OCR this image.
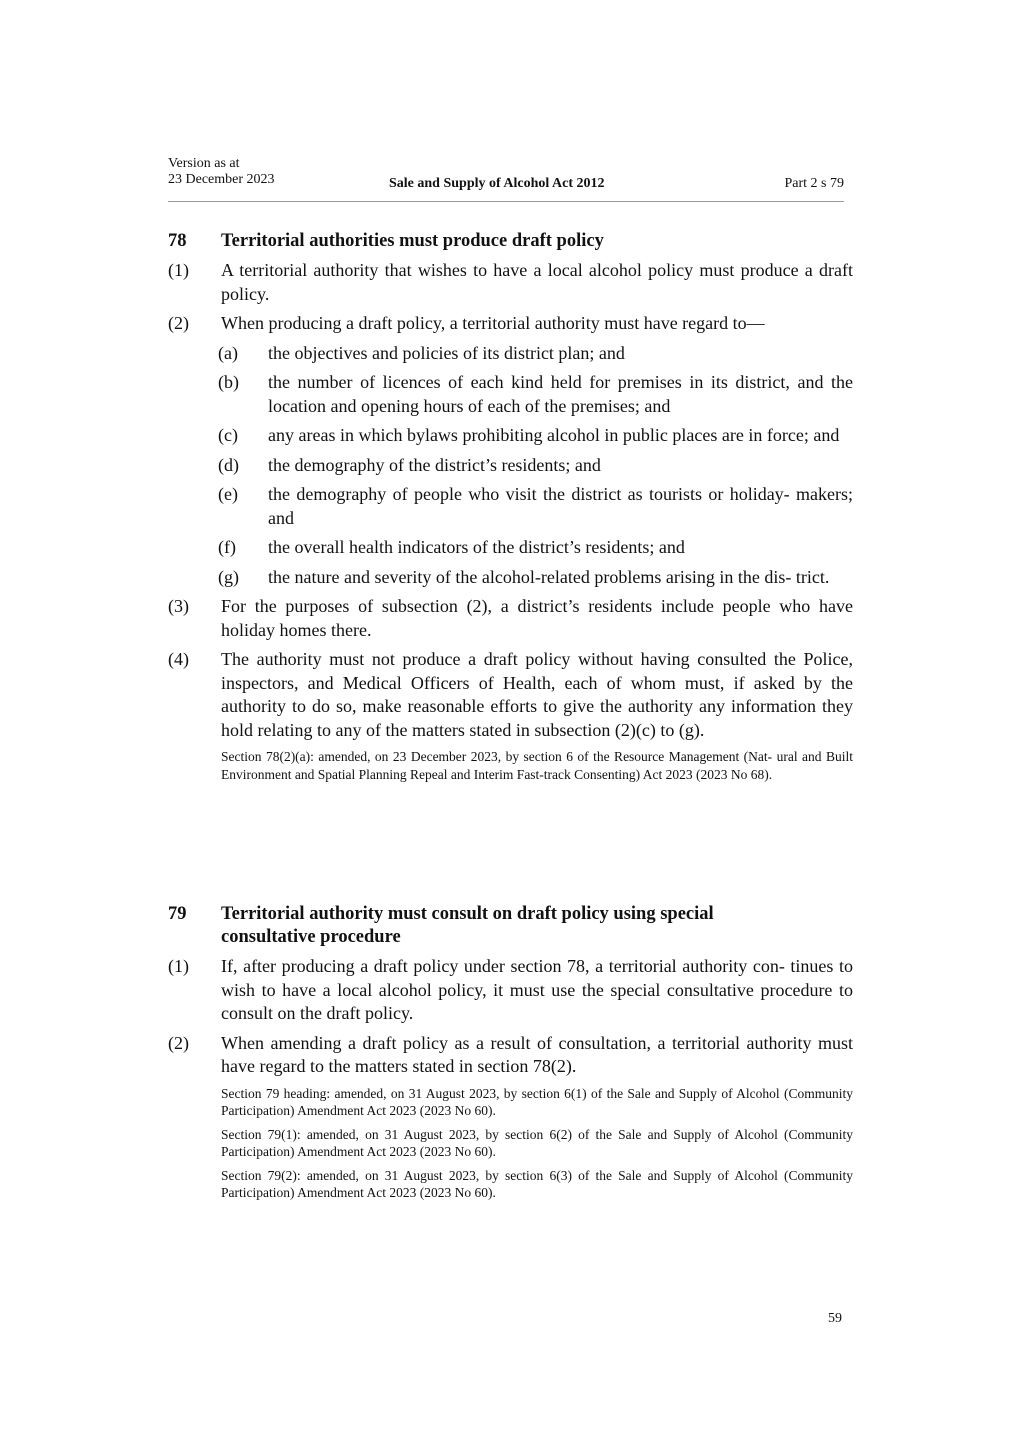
Version as at
23 December 2023	Sale and Supply of Alcohol Act 2012	Part 2 s 79
78	Territorial authorities must produce draft policy
(1)	A territorial authority that wishes to have a local alcohol policy must produce a draft policy.
(2)	When producing a draft policy, a territorial authority must have regard to—
(a)	the objectives and policies of its district plan; and
(b)	the number of licences of each kind held for premises in its district, and the location and opening hours of each of the premises; and
(c)	any areas in which bylaws prohibiting alcohol in public places are in force; and
(d)	the demography of the district’s residents; and
(e)	the demography of people who visit the district as tourists or holiday- makers; and
(f)	the overall health indicators of the district’s residents; and
(g)	the nature and severity of the alcohol-related problems arising in the dis- trict.
(3)	For the purposes of subsection (2), a district’s residents include people who have holiday homes there.
(4)	The authority must not produce a draft policy without having consulted the Police, inspectors, and Medical Officers of Health, each of whom must, if asked by the authority to do so, make reasonable efforts to give the authority any information they hold relating to any of the matters stated in subsection (2)(c) to (g).
Section 78(2)(a): amended, on 23 December 2023, by section 6 of the Resource Management (Nat- ural and Built Environment and Spatial Planning Repeal and Interim Fast-track Consenting) Act 2023 (2023 No 68).
79	Territorial authority must consult on draft policy using special
consultative procedure
(1)	If, after producing a draft policy under section 78, a territorial authority con- tinues to wish to have a local alcohol policy, it must use the special consultative procedure to consult on the draft policy.
(2)	When amending a draft policy as a result of consultation, a territorial authority must have regard to the matters stated in section 78(2).
Section 79 heading: amended, on 31 August 2023, by section 6(1) of the Sale and Supply of Alcohol (Community Participation) Amendment Act 2023 (2023 No 60).
Section 79(1): amended, on 31 August 2023, by section 6(2) of the Sale and Supply of Alcohol (Community Participation) Amendment Act 2023 (2023 No 60).
Section 79(2): amended, on 31 August 2023, by section 6(3) of the Sale and Supply of Alcohol (Community Participation) Amendment Act 2023 (2023 No 60).
59
